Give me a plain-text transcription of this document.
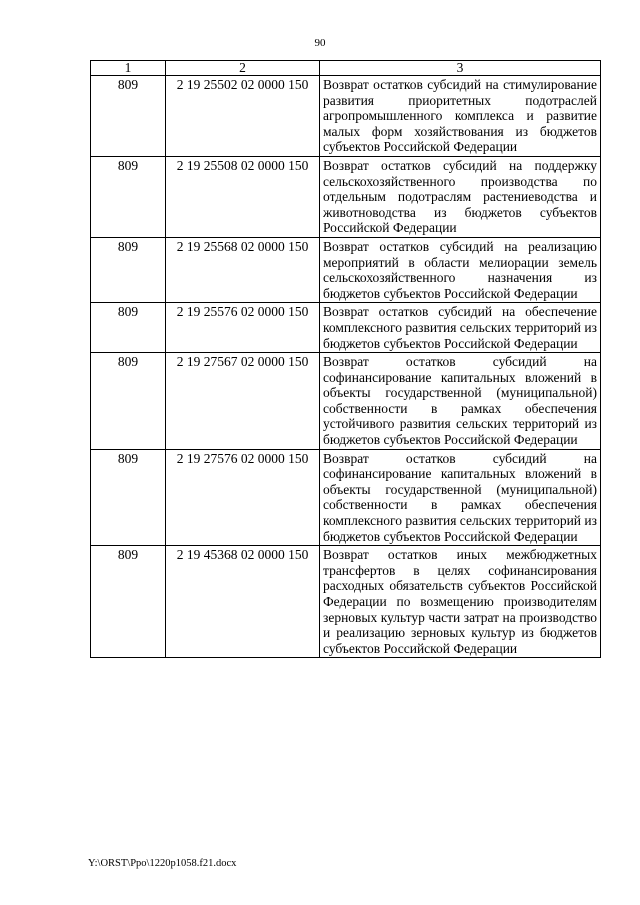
90
1	2	3
809	2 19 25502 02 0000 150	Возврат остатков субсидий на стимулирование развития приоритетных подотраслей агропромышленного комплекса и развитие малых форм хозяйствования из бюджетов субъектов Российской Федерации
809	2 19 25508 02 0000 150	Возврат остатков субсидий на поддержку сельскохозяйственного производства по отдельным подотраслям растениеводства и животноводства из бюджетов субъектов Российской Федерации
809	2 19 25568 02 0000 150	Возврат остатков субсидий на реализацию мероприятий в области мелиорации земель сельскохозяйственного назначения из бюджетов субъектов Российской Федерации
809	2 19 25576 02 0000 150	Возврат остатков субсидий на обеспечение комплексного развития сельских территорий из бюджетов субъектов Российской Федерации
809	2 19 27567 02 0000 150	Возврат остатков субсидий на софинансирование капитальных вложений в объекты государственной (муниципальной) собственности в рамках обеспечения устойчивого развития сельских территорий из бюджетов субъектов Российской Федерации
809	2 19 27576 02 0000 150	Возврат остатков субсидий на софинансирование капитальных вложений в объекты государственной (муниципальной) собственности в рамках обеспечения комплексного развития сельских территорий из бюджетов субъектов Российской Федерации
809	2 19 45368 02 0000 150	Возврат остатков иных межбюджетных трансфертов в целях софинансирования расходных обязательств субъектов Российской Федерации по возмещению производителям зерновых культур части затрат на производство и реализацию зерновых культур из бюджетов субъектов Российской Федерации
Y:\ORST\Ppo\1220p1058.f21.docx
